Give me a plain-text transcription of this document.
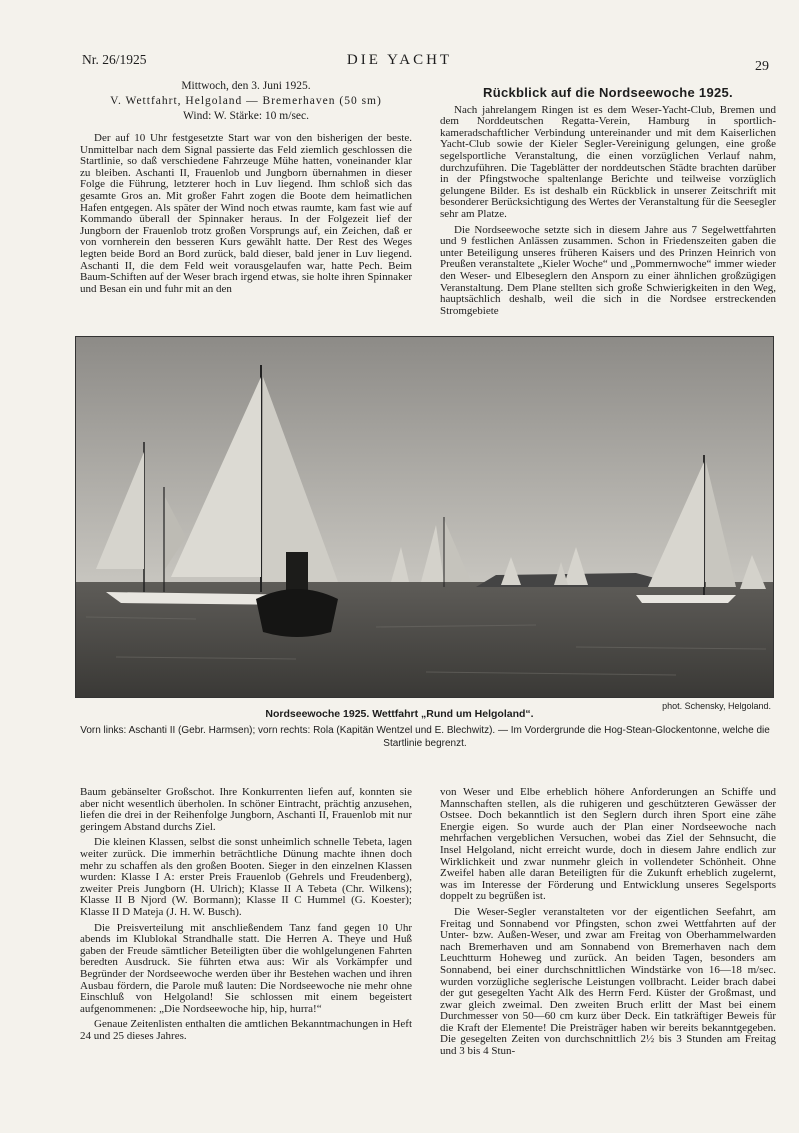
Nr. 26/1925	DIE YACHT	29
Mittwoch, den 3. Juni 1925.
V. Wettfahrt, Helgoland — Bremerhaven (50 sm)
Wind: W. Stärke: 10 m/sec.

Der auf 10 Uhr festgesetzte Start war von den bisherigen der beste. Unmittelbar nach dem Signal passierte das Feld ziemlich geschlossen die Startlinie, so daß verschiedene Fahrzeuge Mühe hatten, voneinander klar zu bleiben. Aschanti II, Frauenlob und Jungborn übernahmen in dieser Folge die Führung, letzterer hoch in Luv liegend. Ihm schloß sich das gesamte Gros an. Mit großer Fahrt zogen die Boote dem heimatlichen Hafen entgegen. Als später der Wind noch etwas raumte, kam fast wie auf Kommando überall der Spinnaker heraus. In der Folgezeit lief der Jungborn der Frauenlob trotz großen Vorsprungs auf, ein Zeichen, daß er von vornherein den besseren Kurs gewählt hatte. Der Rest des Weges legten beide Bord an Bord zurück, bald dieser, bald jener in Luv liegend. Aschanti II, die dem Feld weit vorausgelaufen war, hatte Pech. Beim Baum-Schiften auf der Weser brach irgend etwas, sie holte ihren Spinnaker und Besan ein und fuhr mit an den

Rückblick auf die Nordseewoche 1925.

Nach jahrelangem Ringen ist es dem Weser-Yacht-Club, Bremen und dem Norddeutschen Regatta-Verein, Hamburg in sportlich-kameradschaftlicher Verbindung untereinander und mit dem Kaiserlichen Yacht-Club sowie der Kieler Segler-Vereinigung gelungen, eine große segelsportliche Veranstaltung, die einen vorzüglichen Verlauf nahm, durchzuführen. Die Tageblätter der norddeutschen Städte brachten darüber in der Pfingstwoche spaltenlange Berichte und teilweise vorzüglich gelungene Bilder. Es ist deshalb ein Rückblick in unserer Zeitschrift mit besonderer Berücksichtigung des Wertes der Veranstaltung für die Seesegler sehr am Platze.

Die Nordseewoche setzte sich in diesem Jahre aus 7 Segelwettfahrten und 9 festlichen Anlässen zusammen. Schon in Friedenszeiten gaben die unter Beteiligung unseres früheren Kaisers und des Prinzen Heinrich von Preußen veranstaltete „Kieler Woche“ und „Pommernwoche“ immer wieder den Weser- und Elbeseglern den Ansporn zu einer ähnlichen großzügigen Veranstaltung. Dem Plane stellten sich große Schwierigkeiten in den Weg, hauptsächlich deshalb, weil die sich in die Nordsee erstreckenden Stromgebiete

phot. Schensky, Helgoland.
Nordseewoche 1925. Wettfahrt „Rund um Helgoland“.
Vorn links: Aschanti II (Gebr. Harmsen); vorn rechts: Rola (Kapitän Wentzel und E. Blechwitz). — Im Vordergrunde die Hog-Stean-Glockentonne, welche die Startlinie begrenzt.

Baum gebänselter Großschot. Ihre Konkurrenten liefen auf, konnten sie aber nicht wesentlich überholen. In schöner Eintracht, prächtig anzusehen, liefen die drei in der Reihenfolge Jungborn, Aschanti II, Frauenlob mit nur geringem Abstand durchs Ziel.

Die kleinen Klassen, selbst die sonst unheimlich schnelle Tebeta, lagen weiter zurück. Die immerhin beträchtliche Dünung machte ihnen doch mehr zu schaffen als den großen Booten. Sieger in den einzelnen Klassen wurden: Klasse I A: erster Preis Frauenlob (Gehrels und Freudenberg), zweiter Preis Jungborn (H. Ulrich); Klasse II A Tebeta (Chr. Wilkens); Klasse II B Njord (W. Bormann); Klasse II C Hummel (G. Koester); Klasse II D Mateja (J. H. W. Busch).

Die Preisverteilung mit anschließendem Tanz fand gegen 10 Uhr abends im Klublokal Strandhalle statt. Die Herren A. Theye und Huß gaben der Freude sämtlicher Beteiligten über die wohlgelungenen Fahrten beredten Ausdruck. Sie führten etwa aus: Wir als Vorkämpfer und Begründer der Nordseewoche werden über ihr Bestehen wachen und ihren Ausbau fördern, die Parole muß lauten: Die Nordseewoche nie mehr ohne Einschluß von Helgoland! Sie schlossen mit einem begeistert aufgenommenen: „Die Nordseewoche hip, hip, hurra!“

Genaue Zeitenlisten enthalten die amtlichen Bekanntmachungen in Heft 24 und 25 dieses Jahres.

von Weser und Elbe erheblich höhere Anforderungen an Schiffe und Mannschaften stellen, als die ruhigeren und geschützteren Gewässer der Ostsee. Doch bekanntlich ist den Seglern durch ihren Sport eine zähe Energie eigen. So wurde auch der Plan einer Nordseewoche nach mehrfachen vergeblichen Versuchen, wobei das Ziel der Sehnsucht, die Insel Helgoland, nicht erreicht wurde, doch in diesem Jahre endlich zur Wirklichkeit und zwar nunmehr gleich in vollendeter Schönheit. Ohne Zweifel haben alle daran Beteiligten für die Zukunft erheblich zugelernt, was im Interesse der Förderung und Entwicklung unseres Segelsports doppelt zu begrüßen ist.

Die Weser-Segler veranstalteten vor der eigentlichen Seefahrt, am Freitag und Sonnabend vor Pfingsten, schon zwei Wettfahrten auf der Unter- bzw. Außen-Weser, und zwar am Freitag von Oberhammelwarden nach Bremerhaven und am Sonnabend von Bremerhaven nach dem Leuchtturm Hoheweg und zurück. An beiden Tagen, besonders am Sonnabend, bei einer durchschnittlichen Windstärke von 16—18 m/sec. wurden vorzügliche seglerische Leistungen vollbracht. Leider brach dabei der gut gesegelten Yacht Alk des Herrn Ferd. Küster der Großmast, und zwar gleich zweimal. Den zweiten Bruch erlitt der Mast bei einem Durchmesser von 50—60 cm kurz über Deck. Ein tatkräftiger Beweis für die Kraft der Elemente! Die Preisträger haben wir bereits bekanntgegeben. Die gesegelten Zeiten von durchschnittlich 2½ bis 3 Stunden am Freitag und 3 bis 4 Stun-
